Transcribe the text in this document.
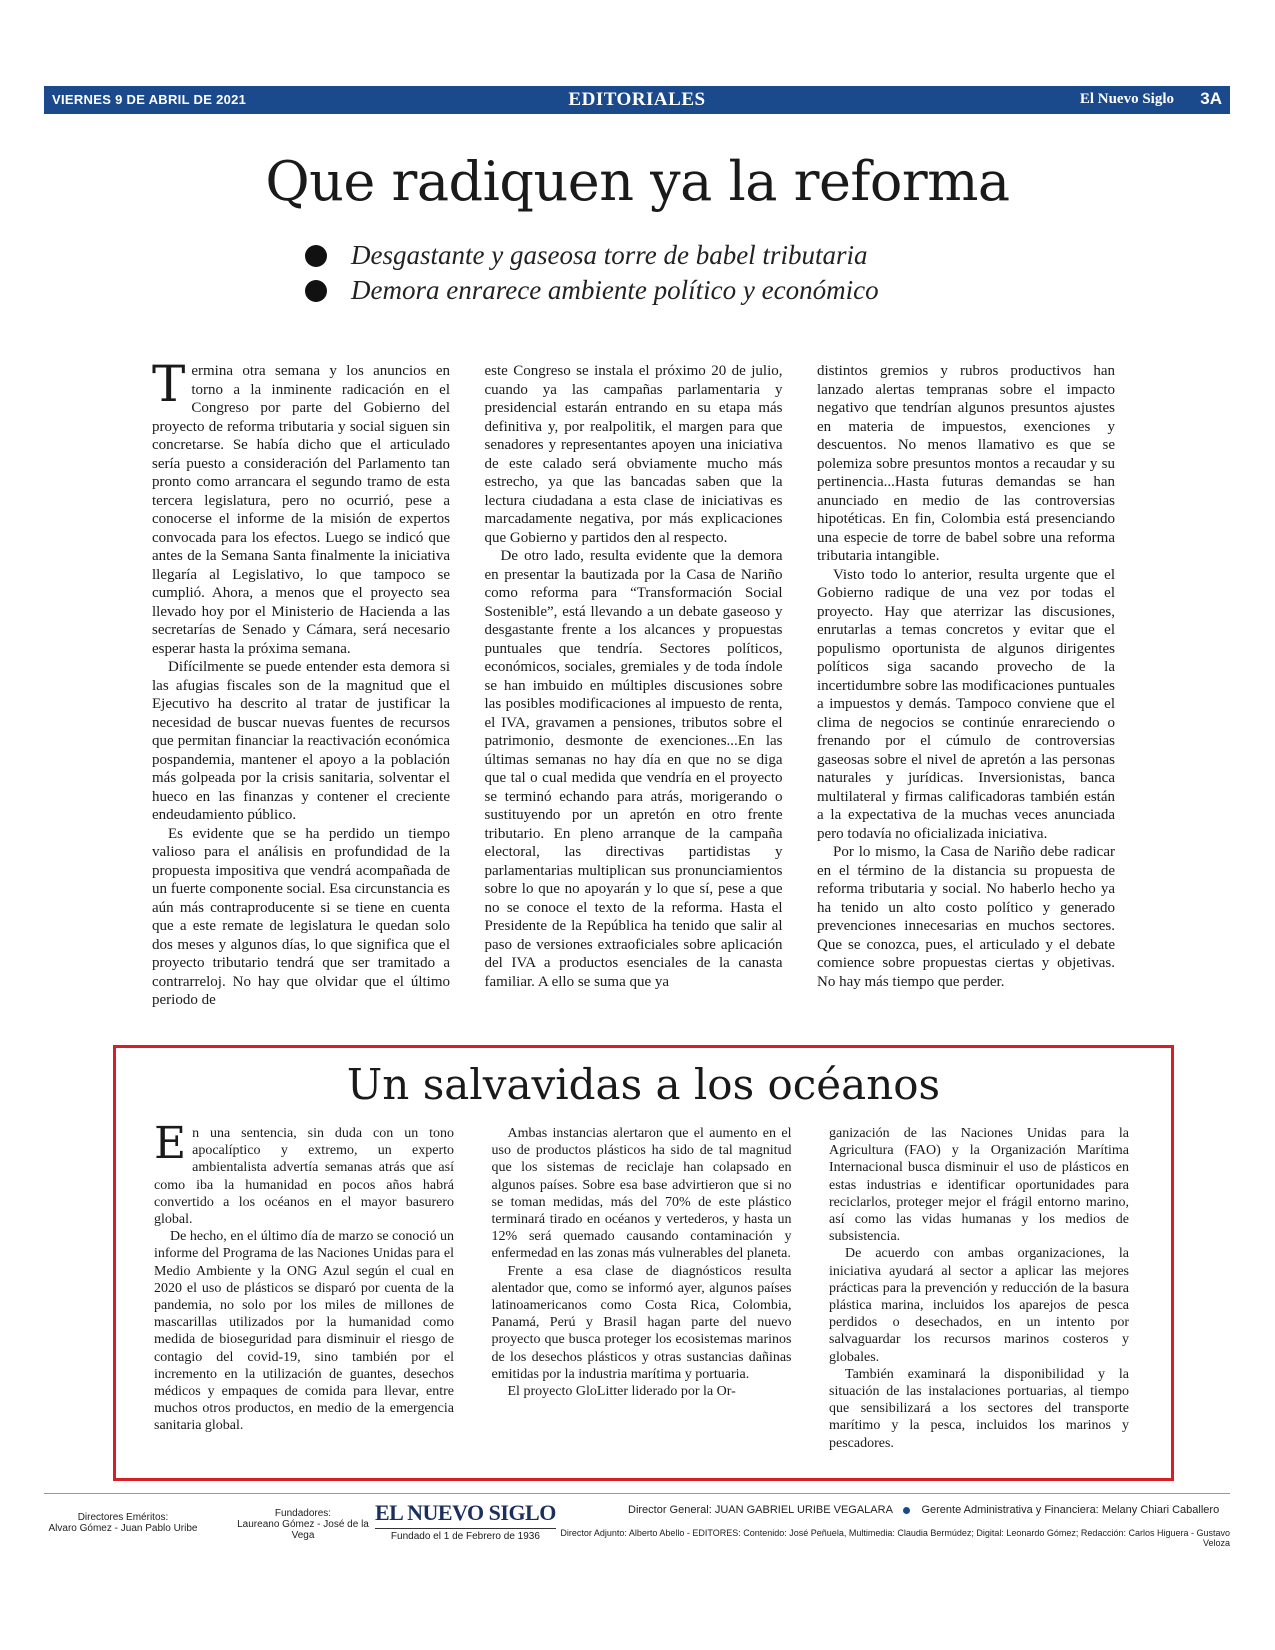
VIERNES 9 DE ABRIL DE 2021	EDITORIALES	El Nuevo Siglo 3A
Que radiquen ya la reforma
Desgastante y gaseosa torre de babel tributaria
Demora enrarece ambiente político y económico

Termina otra semana y los anuncios en torno a la inminente radicación en el Congreso por parte del Gobierno del proyecto de reforma tributaria y social siguen sin concretarse. Se había dicho que el articulado sería puesto a consideración del Parlamento tan pronto como arrancara el segundo tramo de esta tercera legislatura, pero no ocurrió, pese a conocerse el informe de la misión de expertos convocada para los efectos. Luego se indicó que antes de la Semana Santa finalmente la iniciativa llegaría al Legislativo, lo que tampoco se cumplió. Ahora, a menos que el proyecto sea llevado hoy por el Ministerio de Hacienda a las secretarías de Senado y Cámara, será necesario esperar hasta la próxima semana.

Difícilmente se puede entender esta demora si las afugias fiscales son de la magnitud que el Ejecutivo ha descrito al tratar de justificar la necesidad de buscar nuevas fuentes de recursos que permitan financiar la reactivación económica pospandemia, mantener el apoyo a la población más golpeada por la crisis sanitaria, solventar el hueco en las finanzas y contener el creciente endeudamiento público.

Es evidente que se ha perdido un tiempo valioso para el análisis en profundidad de la propuesta impositiva que vendrá acompañada de un fuerte componente social. Esa circunstancia es aún más contraproducente si se tiene en cuenta que a este remate de legislatura le quedan solo dos meses y algunos días, lo que significa que el proyecto tributario tendrá que ser tramitado a contrarreloj. No hay que olvidar que el último periodo de

este Congreso se instala el próximo 20 de julio, cuando ya las campañas parlamentaria y presidencial estarán entrando en su etapa más definitiva y, por realpolitik, el margen para que senadores y representantes apoyen una iniciativa de este calado será obviamente mucho más estrecho, ya que las bancadas saben que la lectura ciudadana a esta clase de iniciativas es marcadamente negativa, por más explicaciones que Gobierno y partidos den al respecto.

De otro lado, resulta evidente que la demora en presentar la bautizada por la Casa de Nariño como reforma para “Transformación Social Sostenible”, está llevando a un debate gaseoso y desgastante frente a los alcances y propuestas puntuales que tendría. Sectores políticos, económicos, sociales, gremiales y de toda índole se han imbuido en múltiples discusiones sobre las posibles modificaciones al impuesto de renta, el IVA, gravamen a pensiones, tributos sobre el patrimonio, desmonte de exenciones...En las últimas semanas no hay día en que no se diga que tal o cual medida que vendría en el proyecto se terminó echando para atrás, morigerando o sustituyendo por un apretón en otro frente tributario. En pleno arranque de la campaña electoral, las directivas partidistas y parlamentarias multiplican sus pronunciamientos sobre lo que no apoyarán y lo que sí, pese a que no se conoce el texto de la reforma. Hasta el Presidente de la República ha tenido que salir al paso de versiones extraoficiales sobre aplicación del IVA a productos esenciales de la canasta familiar. A ello se suma que ya

distintos gremios y rubros productivos han lanzado alertas tempranas sobre el impacto negativo que tendrían algunos presuntos ajustes en materia de impuestos, exenciones y descuentos. No menos llamativo es que se polemiza sobre presuntos montos a recaudar y su pertinencia...Hasta futuras demandas se han anunciado en medio de las controversias hipotéticas. En fin, Colombia está presenciando una especie de torre de babel sobre una reforma tributaria intangible.

Visto todo lo anterior, resulta urgente que el Gobierno radique de una vez por todas el proyecto. Hay que aterrizar las discusiones, enrutarlas a temas concretos y evitar que el populismo oportunista de algunos dirigentes políticos siga sacando provecho de la incertidumbre sobre las modificaciones puntuales a impuestos y demás. Tampoco conviene que el clima de negocios se continúe enrareciendo o frenando por el cúmulo de controversias gaseosas sobre el nivel de apretón a las personas naturales y jurídicas. Inversionistas, banca multilateral y firmas calificadoras también están a la expectativa de la muchas veces anunciada pero todavía no oficializada iniciativa.

Por lo mismo, la Casa de Nariño debe radicar en el término de la distancia su propuesta de reforma tributaria y social. No haberlo hecho ya ha tenido un alto costo político y generado prevenciones innecesarias en muchos sectores. Que se conozca, pues, el articulado y el debate comience sobre propuestas ciertas y objetivas. No hay más tiempo que perder.

Un salvavidas a los océanos

En una sentencia, sin duda con un tono apocalíptico y extremo, un experto ambientalista advertía semanas atrás que así como iba la humanidad en pocos años habrá convertido a los océanos en el mayor basurero global.

De hecho, en el último día de marzo se conoció un informe del Programa de las Naciones Unidas para el Medio Ambiente y la ONG Azul según el cual en 2020 el uso de plásticos se disparó por cuenta de la pandemia, no solo por los miles de millones de mascarillas utilizados por la humanidad como medida de bioseguridad para disminuir el riesgo de contagio del covid-19, sino también por el incremento en la utilización de guantes, desechos médicos y empaques de comida para llevar, entre muchos otros productos, en medio de la emergencia sanitaria global.

Ambas instancias alertaron que el aumento en el uso de productos plásticos ha sido de tal magnitud que los sistemas de reciclaje han colapsado en algunos países. Sobre esa base advirtieron que si no se toman medidas, más del 70% de este plástico terminará tirado en océanos y vertederos, y hasta un 12% será quemado causando contaminación y enfermedad en las zonas más vulnerables del planeta.

Frente a esa clase de diagnósticos resulta alentador que, como se informó ayer, algunos países latinoamericanos como Costa Rica, Colombia, Panamá, Perú y Brasil hagan parte del nuevo proyecto que busca proteger los ecosistemas marinos de los desechos plásticos y otras sustancias dañinas emitidas por la industria marítima y portuaria.

El proyecto GloLitter liderado por la Or-

ganización de las Naciones Unidas para la Agricultura (FAO) y la Organización Marítima Internacional busca disminuir el uso de plásticos en estas industrias e identificar oportunidades para reciclarlos, proteger mejor el frágil entorno marino, así como las vidas humanas y los medios de subsistencia.

De acuerdo con ambas organizaciones, la iniciativa ayudará al sector a aplicar las mejores prácticas para la prevención y reducción de la basura plástica marina, incluidos los aparejos de pesca perdidos o desechados, en un intento por salvaguardar los recursos marinos costeros y globales.

También examinará la disponibilidad y la situación de las instalaciones portuarias, al tiempo que sensibilizará a los sectores del transporte marítimo y la pesca, incluidos los marinos y pescadores.

Directores Eméritos:
Alvaro Gómez - Juan Pablo Uribe
Fundadores:
Laureano Gómez - José de la Vega
EL NUEVO SIGLO
Fundado el 1 de Febrero de 1936
Director General: JUAN GABRIEL URIBE VEGALARA	Gerente Administrativa y Financiera: Melany Chiari Caballero
Director Adjunto: Alberto Abello - EDITORES: Contenido: José Peñuela, Multimedia: Claudia Bermúdez; Digital: Leonardo Gómez; Redacción: Carlos Higuera - Gustavo Veloza
